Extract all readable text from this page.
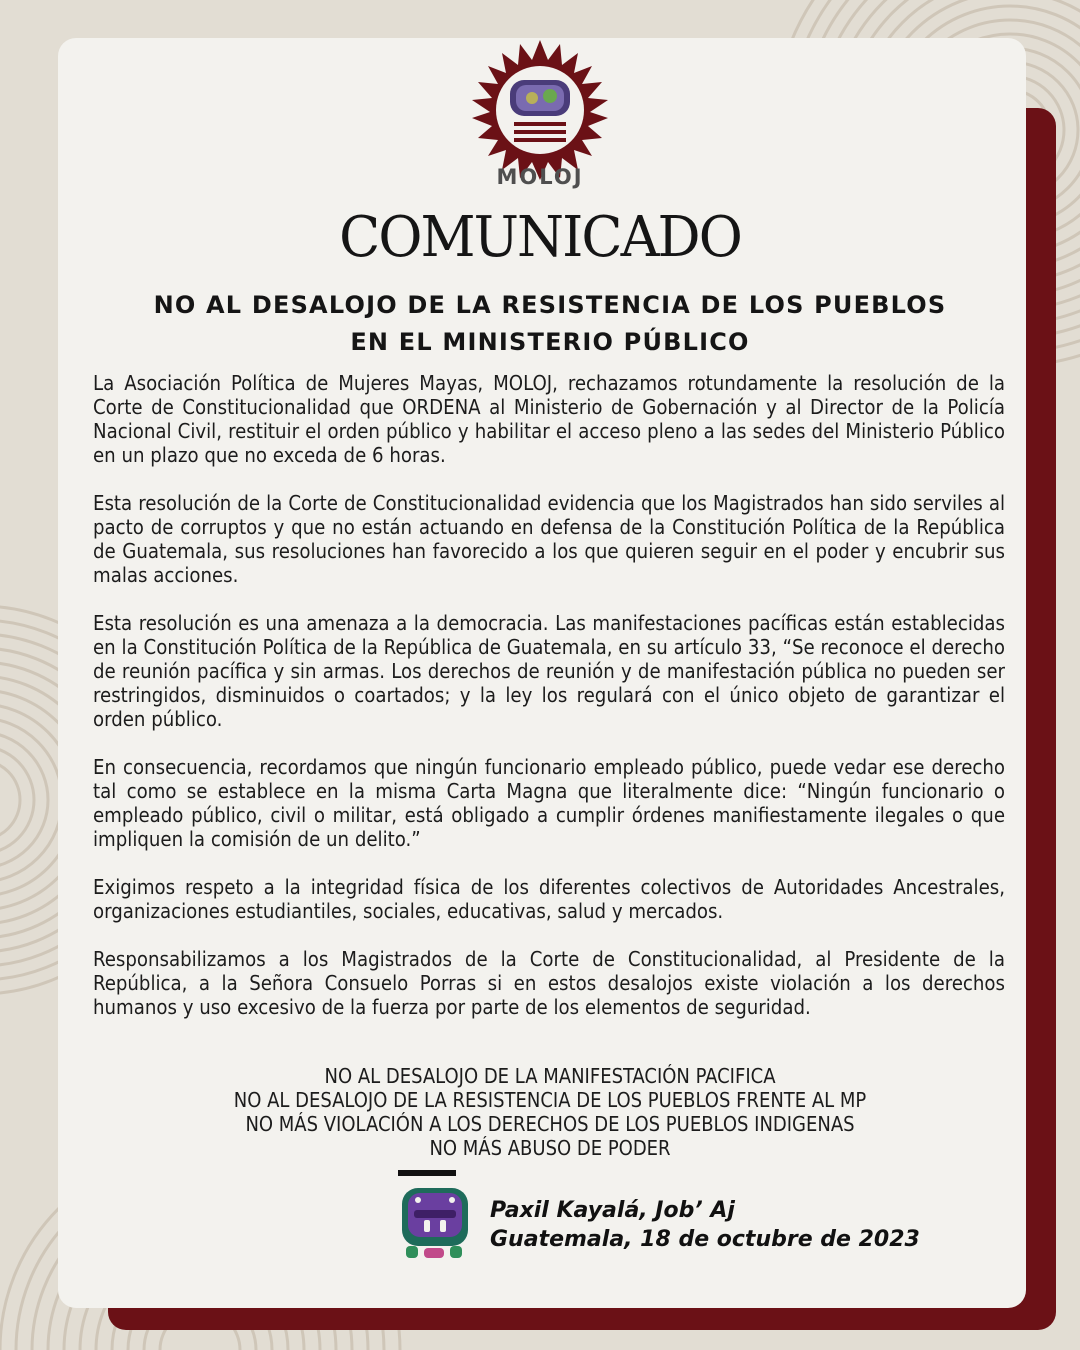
MOLOJ
COMUNICADO
NO AL DESALOJO DE LA RESISTENCIA DE LOS PUEBLOS
EN EL MINISTERIO PÚBLICO

La Asociación Política de Mujeres Mayas, MOLOJ, rechazamos rotundamente la resolución de la Corte de Constitucionalidad que ORDENA al Ministerio de Gobernación y al Director de la Policía Nacional Civil, restituir el orden público y habilitar el acceso pleno a las sedes del Ministerio Público en un plazo que no exceda de 6 horas.

Esta resolución de la Corte de Constitucionalidad evidencia que los Magistrados han sido serviles al pacto de corruptos y que no están actuando en defensa de la Constitución Política de la República de Guatemala, sus resoluciones han favorecido a los que quieren seguir en el poder y encubrir sus malas acciones.

Esta resolución es una amenaza a la democracia. Las manifestaciones pacíficas están establecidas en la Constitución Política de la República de Guatemala, en su artículo 33, “Se reconoce el derecho de reunión pacífica y sin armas. Los derechos de reunión y de manifestación pública no pueden ser restringidos, disminuidos o coartados; y la ley los regulará con el único objeto de garantizar el orden público.

En consecuencia, recordamos que ningún funcionario empleado público, puede vedar ese derecho tal como se establece en la misma Carta Magna que literalmente dice: “Ningún funcionario o empleado público, civil o militar, está obligado a cumplir órdenes manifiestamente ilegales o que impliquen la comisión de un delito.”

Exigimos respeto a la integridad física de los diferentes colectivos de Autoridades Ancestrales, organizaciones estudiantiles, sociales, educativas, salud y mercados.

Responsabilizamos a los Magistrados de la Corte de Constitucionalidad, al Presidente de la República, a la Señora Consuelo Porras si en estos desalojos existe violación a los derechos humanos y uso excesivo de la fuerza por parte de los elementos de seguridad.

NO AL DESALOJO DE LA MANIFESTACIÓN PACIFICA
NO AL DESALOJO DE LA RESISTENCIA DE LOS PUEBLOS FRENTE AL MP
NO MÁS VIOLACIÓN A LOS DERECHOS DE LOS PUEBLOS INDIGENAS
NO MÁS ABUSO DE PODER
Paxil Kayalá, Job’ Aj
Guatemala, 18 de octubre de 2023
